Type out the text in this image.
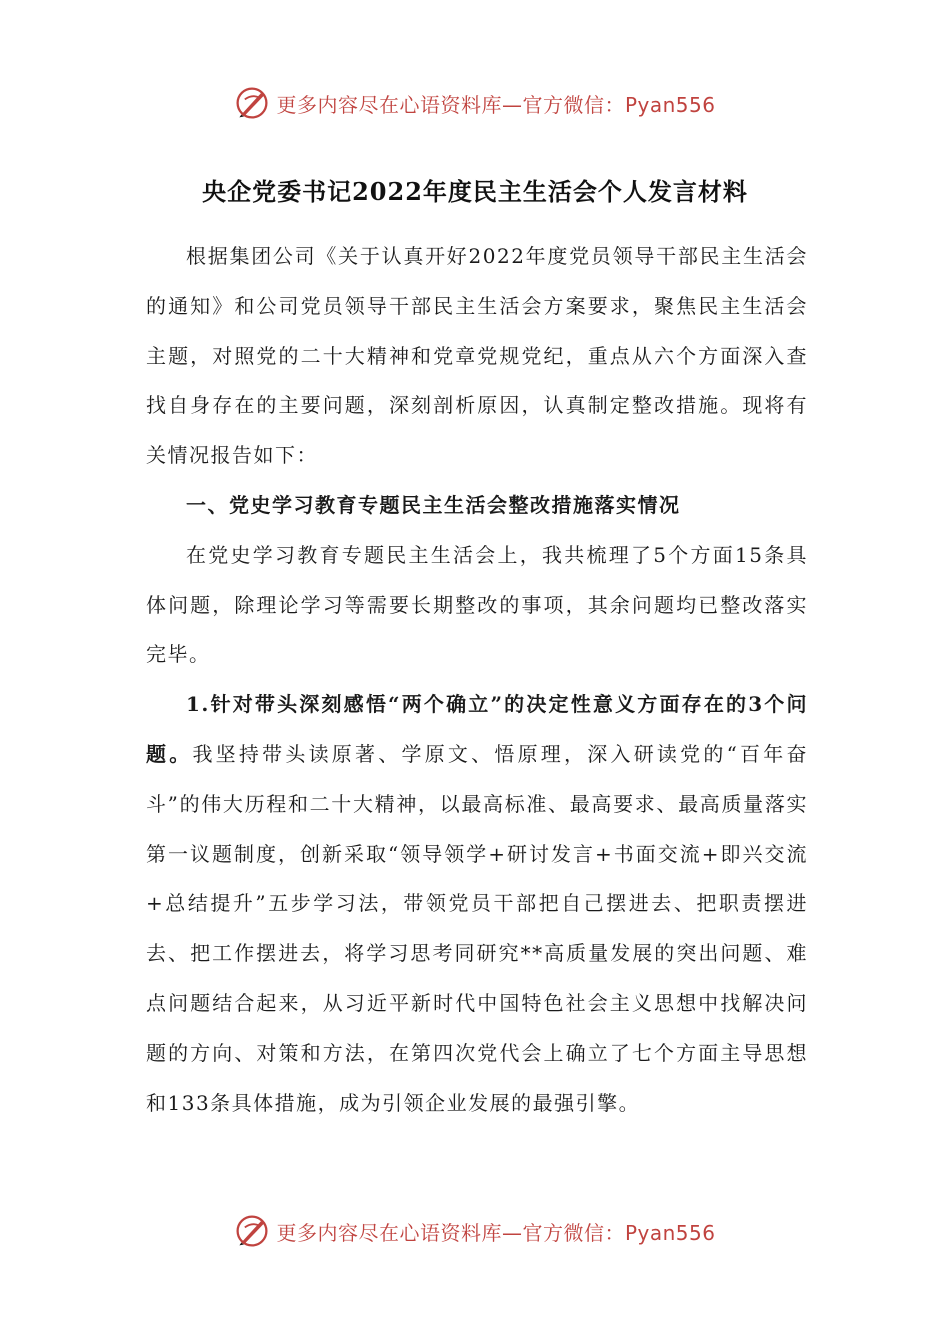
更多内容尽在心语资料库—官方微信：Pyan556
央企党委书记2022年度民主生活会个人发言材料

根据集团公司《关于认真开好2022年度党员领导干部民主生活会的通知》和公司党员领导干部民主生活会方案要求，聚焦民主生活会主题，对照党的二十大精神和党章党规党纪，重点从六个方面深入查找自身存在的主要问题，深刻剖析原因，认真制定整改措施。现将有关情况报告如下：

一、党史学习教育专题民主生活会整改措施落实情况

在党史学习教育专题民主生活会上，我共梳理了5个方面15条具体问题，除理论学习等需要长期整改的事项，其余问题均已整改落实完毕。

1.针对带头深刻感悟“两个确立”的决定性意义方面存在的3个问题。我坚持带头读原著、学原文、悟原理，深入研读党的“百年奋斗”的伟大历程和二十大精神，以最高标准、最高要求、最高质量落实第一议题制度，创新采取“领导领学+研讨发言+书面交流+即兴交流+总结提升”五步学习法，带领党员干部把自己摆进去、把职责摆进去、把工作摆进去，将学习思考同研究**高质量发展的突出问题、难点问题结合起来，从习近平新时代中国特色社会主义思想中找解决问题的方向、对策和方法，在第四次党代会上确立了七个方面主导思想和133条具体措施，成为引领企业发展的最强引擎。

更多内容尽在心语资料库—官方微信：Pyan556
